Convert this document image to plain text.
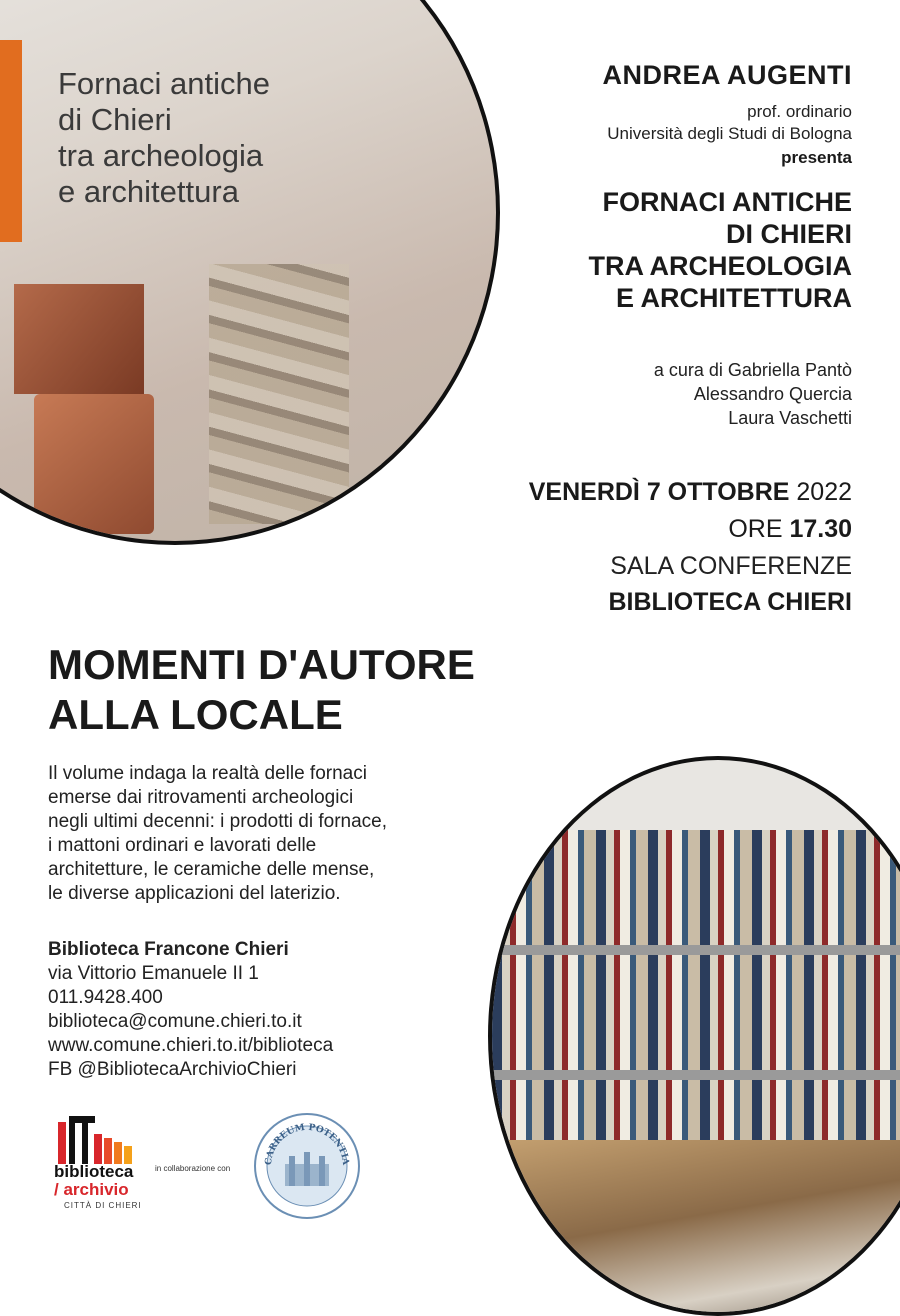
Fornaci antiche
di Chieri
tra archeologia
e architettura
ANDREA AUGENTI
prof. ordinario
Università degli Studi di Bologna
presenta
FORNACI ANTICHE
DI CHIERI
TRA ARCHEOLOGIA
E ARCHITETTURA
a cura di Gabriella Pantò
Alessandro Quercia
Laura Vaschetti
VENERDÌ 7 OTTOBRE 2022
ORE 17.30
SALA CONFERENZE
BIBLIOTECA CHIERI
MOMENTI D'AUTORE
ALLA LOCALE
Il volume indaga la realtà delle fornaci
emerse dai ritrovamenti archeologici
negli ultimi decenni: i prodotti di fornace,
i mattoni ordinari e lavorati delle
architetture, le ceramiche delle mense,
le diverse applicazioni del laterizio.
Biblioteca Francone Chieri
via Vittorio Emanuele II 1
011.9428.400
biblioteca@comune.chieri.to.it
www.comune.chieri.to.it/biblioteca
FB @BibliotecaArchivioChieri
biblioteca
/ archivio
CITTÀ DI CHIERI
in collaborazione con
CARREUM POTENTIA
